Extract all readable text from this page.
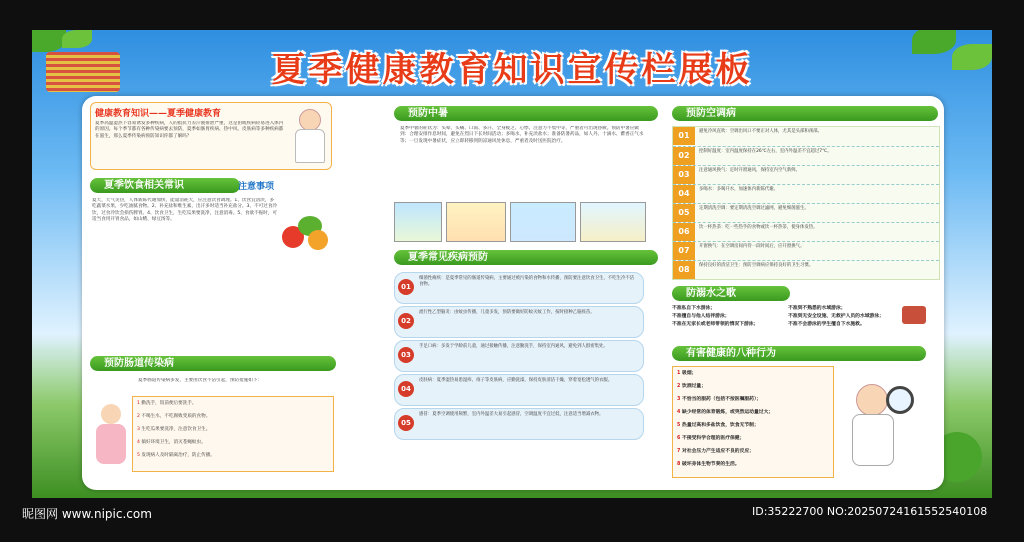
夏季健康教育知识宣传栏展板
健康教育知识——夏季健康教育
夏季高温湿热下容易诱发多种疾病，人的抵抗力差汗液排泄严重，这是由或疾病轻易进入体内的原因。每个季节都有各种传染病要去预防，夏季如肠胃疾病、热中风、皮肤病等多种疾病都在滋生，那么夏季传染病预防知识你都了解吗？
夏季饮食相关常识	注意事项
夏天，天气炎热，人体新陈代谢加快，能量消耗大，应注意饮食调理。1、饮食宜清淡，多吃蔬菜水果，少吃油腻食物。2、补充盐和维生素，出汗多时适当补充盐分。3、不可过食冷饮，过食冷饮会损伤脾胃。4、饮食卫生，生吃瓜果要洗净，注意消毒。5、食欲不振时，可适当食用开胃食品，如山楂、绿豆汤等。
预防肠道传染病
夏季肠道传染病多发，主要由饮食不洁引起，预防措施如下：
1 勤洗手，饭前便后要洗手。
2 不喝生水，不吃腐败变质的食物。
3 生吃瓜果要洗净，注意饮食卫生。
4 搞好环境卫生，消灭苍蝇蚊虫。
5 发现病人及时隔离治疗，防止传播。
预防中暑
夏季中暑的症状为：头晕、头痛、口渴、多汗、全身疲乏、心悸、注意力不集中等，严重者可出现昏厥。预防中暑应做到：合理安排作息时间，避免在烈日下长时间活动；多喝水，补充淡盐水；准备防暑药品，如人丹、十滴水、藿香正气水等；一旦发现中暑症状，应立即转移到阴凉通风处休息，严重者及时送医院治疗。
夏季常见疾病预防
01
细菌性痢疾：是夏季常见的肠道传染病，主要通过被污染的食物和水传播，预防要注意饮食卫生，不吃生冷不洁食物。
02
流行性乙型脑炎：由蚊虫传播，儿童多发，预防要做好防蚊灭蚊工作，按时接种乙脑疫苗。
03
手足口病：多发于学龄前儿童，通过接触传播，注意勤洗手，保持室内通风，避免到人群密集处。
04
皮肤病：夏季湿热易患湿疹、痱子等皮肤病，应勤洗澡，保持皮肤清洁干燥，穿着宽松透气的衣服。
05
感冒：夏季空调使用频繁，室内外温差大易引起感冒，空调温度不宜过低，注意适当增减衣物。
预防空调病
01	避免冷风直吹：空调出风口不要正对人体，尤其是头部和颈部。
02	控制好温度：室内温度保持在26℃左右，室内外温差不宜超过7℃。
03	注意通风换气：定时开窗通风，保持室内空气新鲜。
04	多喝水：多喝开水，加速体内新陈代谢。
05	定期清洗空调：要定期清洗空调过滤网，避免细菌滋生。
06	饮一杯热茶：吃一些热乎的食物或饮一杯热茶，使身体发热。
07	开窗换气：在空调房间内待一段时间后，应开窗换气。
08	保持良好的清洁卫生：预防空调病应保持良好的卫生习惯。
防溺水之歌
不准私自下水游泳；
不准擅自与他人结伴游泳；
不准在无家长或老师带领的情况下游泳；
不准到不熟悉的水域游泳；
不准到无安全设施、无救护人员的水域游泳；
不准不会游泳的学生擅自下水施救。
有害健康的八种行为
1 吸烟；
2 饮酒过量；
3 不恰当的服药（包括不按医嘱服药）；
4 缺少经常的体育锻炼，或突然运动量过大；
5 热量过高和多盐饮食，饮食无节制；
6 不接受科学合理的医疗保健；
7 对社会压力产生适应不良的反应；
8 破坏身体生物节奏的生活。
昵图网 www.nipic.com	ID:35222700 NO:20250724161552540108
